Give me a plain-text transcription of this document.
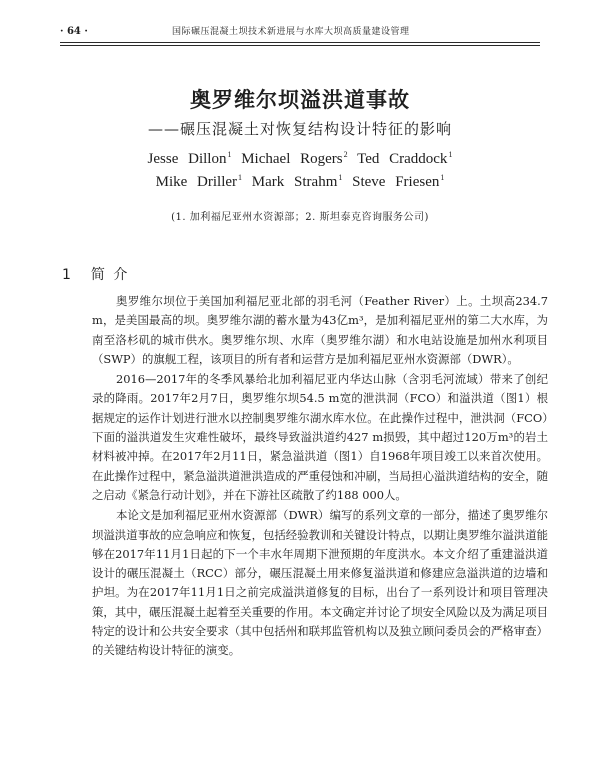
· 64 ·	国际碾压混凝土坝技术新进展与水库大坝高质量建设管理
奥罗维尔坝溢洪道事故
——碾压混凝土对恢复结构设计特征的影响
Jesse Dillon$^1$ Michael Rogers$^2$ Ted Craddock$^1$
Mike Driller$^1$ Mark Strahm$^1$ Steve Friesen$^1$
(1. 加利福尼亚州水资源部；2. 斯坦泰克咨询服务公司)
1 简 介

奥罗维尔坝位于美国加利福尼亚北部的羽毛河（Feather River）上。土坝高234.7 m，是美国最高的坝。奥罗维尔湖的蓄水量为43亿m³，是加利福尼亚州的第二大水库，为南至洛杉矶的城市供水。奥罗维尔坝、水库（奥罗维尔湖）和水电站设施是加州水利项目（SWP）的旗舰工程，该项目的所有者和运营方是加利福尼亚州水资源部（DWR）。

2016—2017年的冬季风暴给北加利福尼亚内华达山脉（含羽毛河流域）带来了创纪录的降雨。2017年2月7日，奥罗维尔坝54.5 m宽的泄洪洞（FCO）和溢洪道（图1）根据规定的运作计划进行泄水以控制奥罗维尔湖水库水位。在此操作过程中，泄洪洞（FCO）下面的溢洪道发生灾难性破坏，最终导致溢洪道约427 m损毁，其中超过120万m³的岩土材料被冲掉。在2017年2月11日，紧急溢洪道（图1）自1968年项目竣工以来首次使用。在此操作过程中，紧急溢洪道泄洪造成的严重侵蚀和冲刷，当局担心溢洪道结构的安全，随之启动《紧急行动计划》，并在下游社区疏散了约188 000人。

本论文是加利福尼亚州水资源部（DWR）编写的系列文章的一部分，描述了奥罗维尔坝溢洪道事故的应急响应和恢复，包括经验教训和关键设计特点，以期让奥罗维尔溢洪道能够在2017年11月1日起的下一个丰水年周期下泄预期的年度洪水。本文介绍了重建溢洪道设计的碾压混凝土（RCC）部分，碾压混凝土用来修复溢洪道和修建应急溢洪道的边墙和护坦。为在2017年11月1日之前完成溢洪道修复的目标，出台了一系列设计和项目管理决策，其中，碾压混凝土起着至关重要的作用。本文确定并讨论了坝安全风险以及为满足项目特定的设计和公共安全要求（其中包括州和联邦监管机构以及独立顾问委员会的严格审查）的关键结构设计特征的演变。
